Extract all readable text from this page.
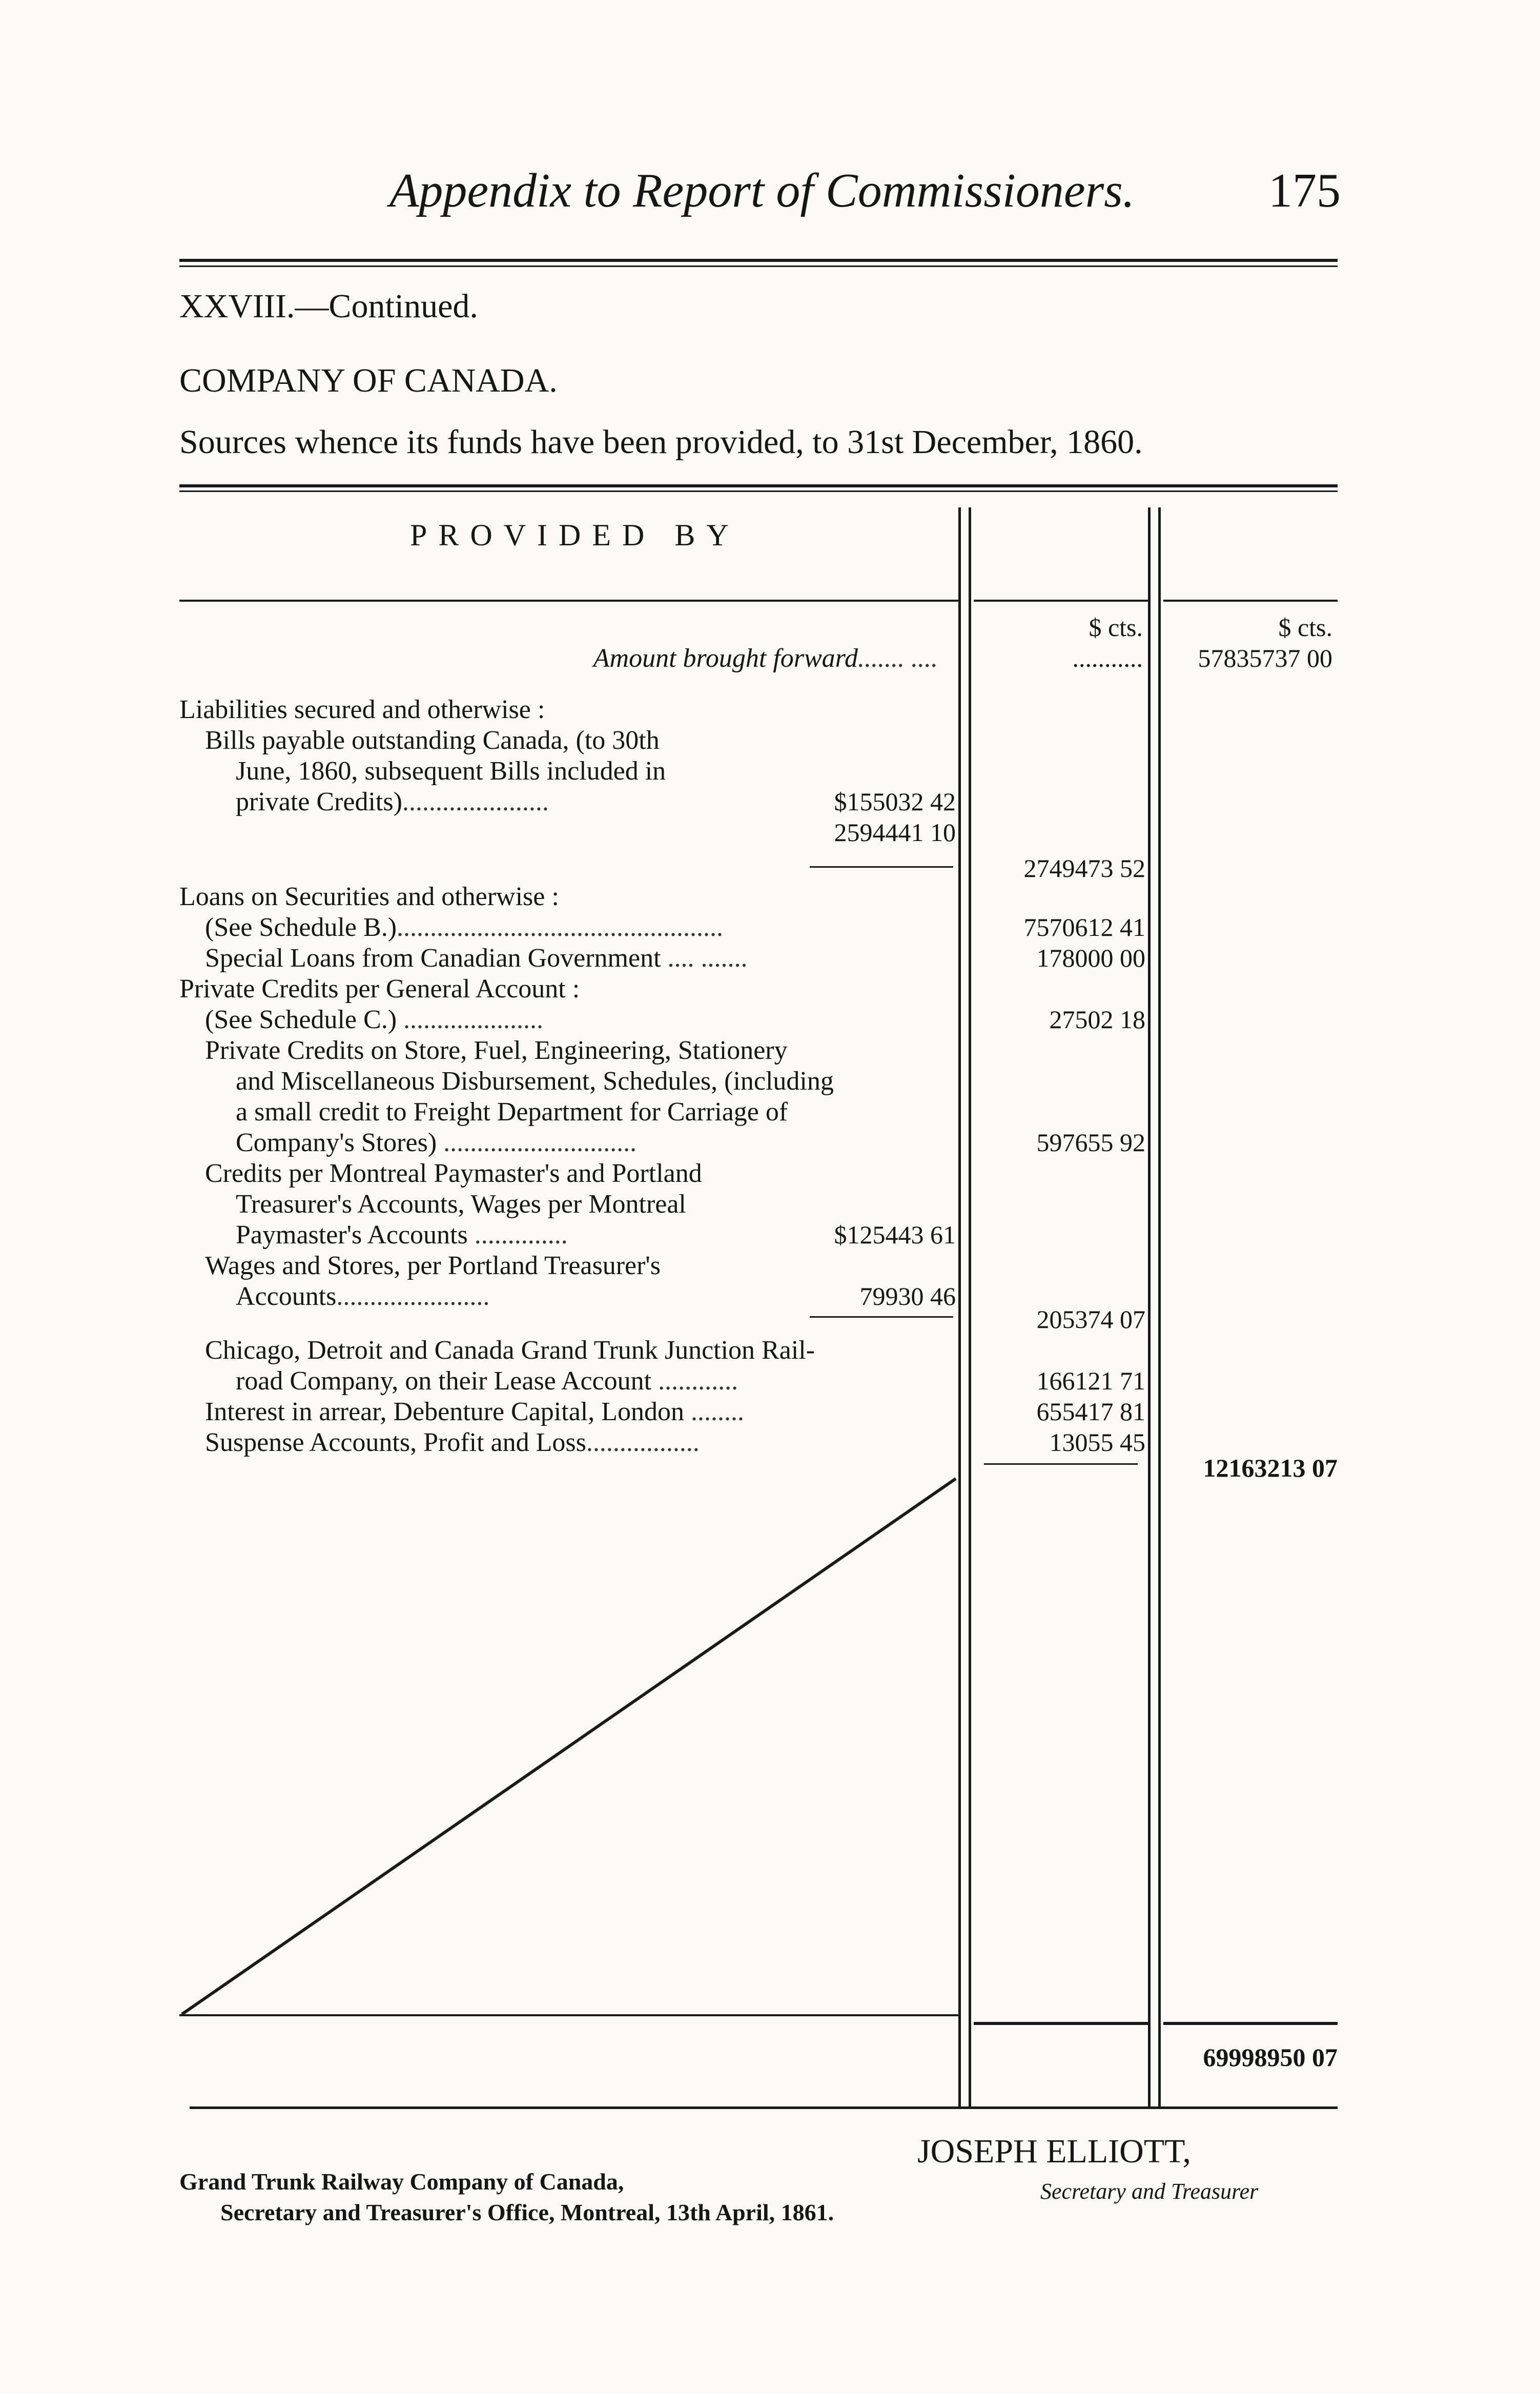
Appendix to Report of Commissioners.	175
XXVIII.—Continued.
COMPANY OF CANADA.
Sources whence its funds have been provided, to 31st December, 1860.
PROVIDED BY
$ cts.	$ cts.
Amount brought forward....... ....	...........	57835737 00
Liabilities secured and otherwise :
Bills payable outstanding Canada, (to 30th
June, 1860, subsequent Bills included in
private Credits)......................	$155032 42
2594441 10
2749473 52
Loans on Securities and otherwise :
(See Schedule B.).................................................	7570612 41
Special Loans from Canadian Government .... .......	178000 00
Private Credits per General Account :
(See Schedule C.) .....................	27502 18
Private Credits on Store, Fuel, Engineering, Stationery
and Miscellaneous Disbursement, Schedules, (including
a small credit to Freight Department for Carriage of
Company's Stores) .............................	597655 92
Credits per Montreal Paymaster's and Portland
Treasurer's Accounts, Wages per Montreal
Paymaster's Accounts ..............	$125443 61
Wages and Stores, per Portland Treasurer's
Accounts.......................	79930 46
205374 07
Chicago, Detroit and Canada Grand Trunk Junction Rail-
road Company, on their Lease Account ............	166121 71
Interest in arrear, Debenture Capital, London ........	655417 81
Suspense Accounts, Profit and Loss.................	13055 45
12163213 07
69998950 07
Grand Trunk Railway Company of Canada,
Secretary and Treasurer's Office, Montreal, 13th April, 1861.
JOSEPH ELLIOTT,
Secretary and Treasurer
